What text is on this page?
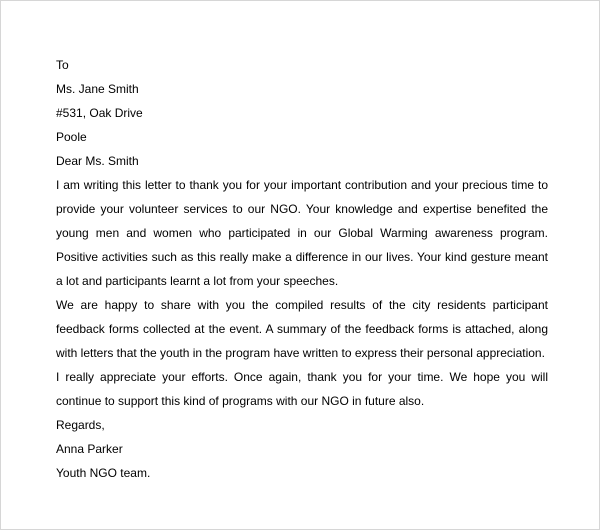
To

Ms. Jane Smith

#531, Oak Drive

Poole

Dear Ms. Smith

I am writing this letter to thank you for your important contribution and your precious time to provide your volunteer services to our NGO. Your knowledge and expertise benefited the young men and women who participated in our Global Warming awareness program. Positive activities such as this really make a difference in our lives. Your kind gesture meant a lot and participants learnt a lot from your speeches.

We are happy to share with you the compiled results of the city residents participant feedback forms collected at the event. A summary of the feedback forms is attached, along with letters that the youth in the program have written to express their personal appreciation.

I really appreciate your efforts. Once again, thank you for your time. We hope you will continue to support this kind of programs with our NGO in future also.

Regards,

Anna Parker

Youth NGO team.
